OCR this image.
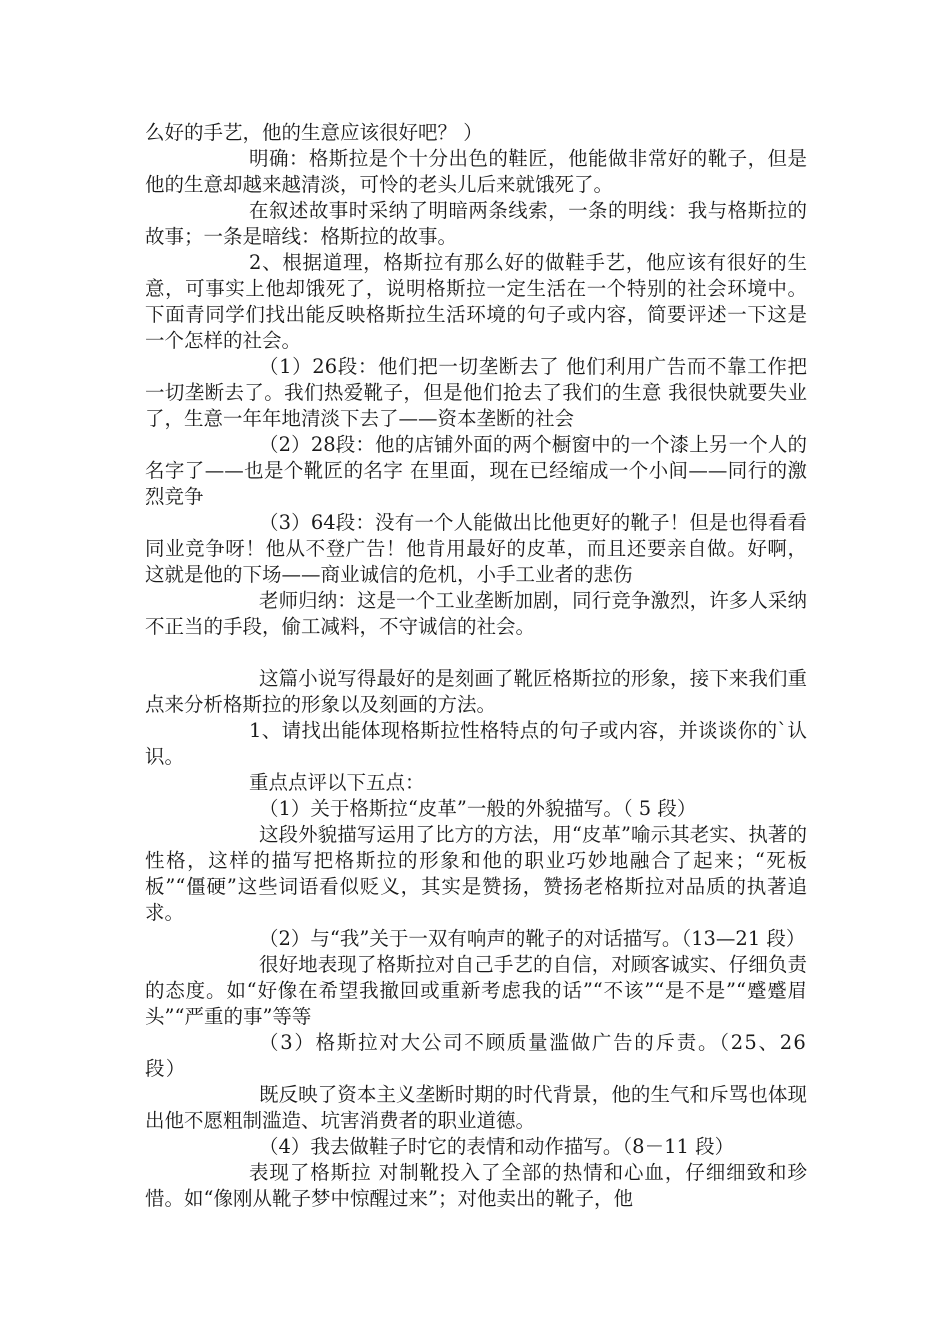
么好的手艺，他的生意应该很好吧？ ）

明确：格斯拉是个十分出色的鞋匠，他能做非常好的靴子，但是他的生意却越来越清淡，可怜的老头儿后来就饿死了。

在叙述故事时采纳了明暗两条线索，一条的明线：我与格斯拉的故事；一条是暗线：格斯拉的故事。

2、根据道理，格斯拉有那么好的做鞋手艺，他应该有很好的生意，可事实上他却饿死了，说明格斯拉一定生活在一个特别的社会环境中。下面青同学们找出能反映格斯拉生活环境的句子或内容，简要评述一下这是一个怎样的社会。

（1）26段：他们把一切垄断去了 他们利用广告而不靠工作把一切垄断去了。我们热爱靴子，但是他们抢去了我们的生意 我很快就要失业了，生意一年年地清淡下去了——资本垄断的社会

（2）28段：他的店铺外面的两个橱窗中的一个漆上另一个人的名字了——也是个靴匠的名字 在里面，现在已经缩成一个小间——同行的激烈竞争

（3）64段：没有一个人能做出比他更好的靴子！但是也得看看同业竞争呀！他从不登广告！他肯用最好的皮革，而且还要亲自做。好啊，这就是他的下场——商业诚信的危机，小手工业者的悲伤

老师归纳：这是一个工业垄断加剧，同行竞争激烈，许多人采纳不正当的手段，偷工减料，不守诚信的社会。

这篇小说写得最好的是刻画了靴匠格斯拉的形象，接下来我们重点来分析格斯拉的形象以及刻画的方法。

1、请找出能体现格斯拉性格特点的句子或内容，并谈谈你的`认识。

重点点评以下五点：

（1）关于格斯拉“皮革”一般的外貌描写。（ 5 段）

这段外貌描写运用了比方的方法，用“皮革”喻示其老实、执著的性格，这样的描写把格斯拉的形象和他的职业巧妙地融合了起来；“死板板”“僵硬”这些词语看似贬义，其实是赞扬，赞扬老格斯拉对品质的执著追求。

（2）与“我”关于一双有响声的靴子的对话描写。（13—21 段）

很好地表现了格斯拉对自己手艺的自信，对顾客诚实、仔细负责的态度。如“好像在希望我撤回或重新考虑我的话”“不该”“是不是”“蹙蹙眉头”“严重的事”等等

（3）格斯拉对大公司不顾质量滥做广告的斥责。（25、26 段）

既反映了资本主义垄断时期的时代背景，他的生气和斥骂也体现出他不愿粗制滥造、坑害消费者的职业道德。

（4）我去做鞋子时它的表情和动作描写。（8－11 段）

表现了格斯拉 对制靴投入了全部的热情和心血，仔细细致和珍惜。如“像刚从靴子梦中惊醒过来”；对他卖出的靴子，他
